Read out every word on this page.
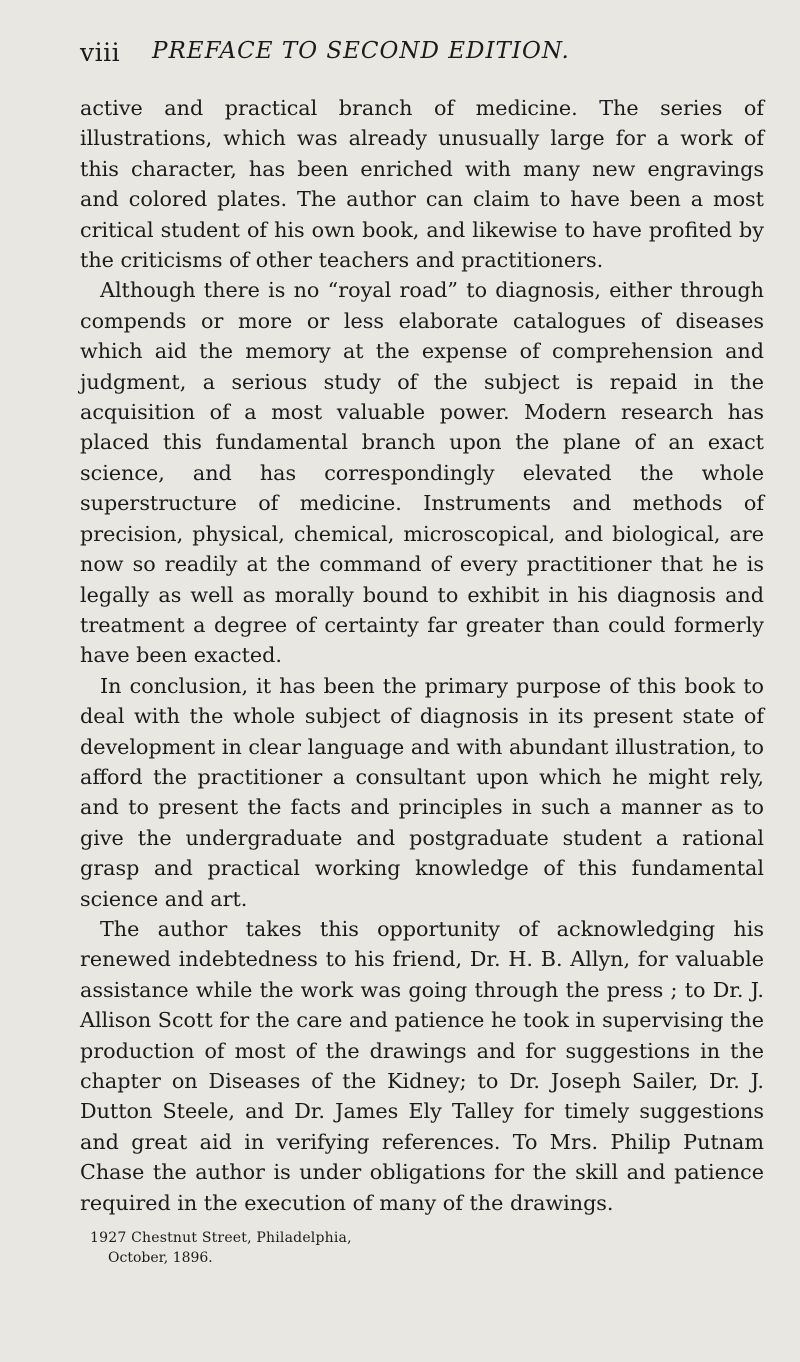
viii PREFACE TO SECOND EDITION.

active and practical branch of medicine. The series of illustrations, which was already unusually large for a work of this character, has been enriched with many new engravings and colored plates. The author can claim to have been a most critical student of his own book, and likewise to have profited by the criticisms of other teachers and practitioners.

Although there is no “royal road” to diagnosis, either through compends or more or less elaborate catalogues of diseases which aid the memory at the expense of comprehension and judgment, a serious study of the subject is repaid in the acquisition of a most valuable power. Modern research has placed this fundamental branch upon the plane of an exact science, and has correspondingly elevated the whole superstructure of medicine. Instruments and methods of precision, physical, chemical, microscopical, and biological, are now so readily at the command of every practitioner that he is legally as well as morally bound to exhibit in his diagnosis and treatment a degree of certainty far greater than could formerly have been exacted.

In conclusion, it has been the primary purpose of this book to deal with the whole subject of diagnosis in its present state of development in clear language and with abundant illustration, to afford the practitioner a consultant upon which he might rely, and to present the facts and principles in such a manner as to give the undergraduate and postgraduate student a rational grasp and practical working knowledge of this fundamental science and art.

The author takes this opportunity of acknowledging his renewed indebtedness to his friend, Dr. H. B. Allyn, for valuable assistance while the work was going through the press ; to Dr. J. Allison Scott for the care and patience he took in supervising the production of most of the drawings and for suggestions in the chapter on Diseases of the Kidney; to Dr. Joseph Sailer, Dr. J. Dutton Steele, and Dr. James Ely Talley for timely suggestions and great aid in verifying references. To Mrs. Philip Putnam Chase the author is under obligations for the skill and patience required in the execution of many of the drawings.

1927 Chestnut Street, Philadelphia,
October, 1896.
